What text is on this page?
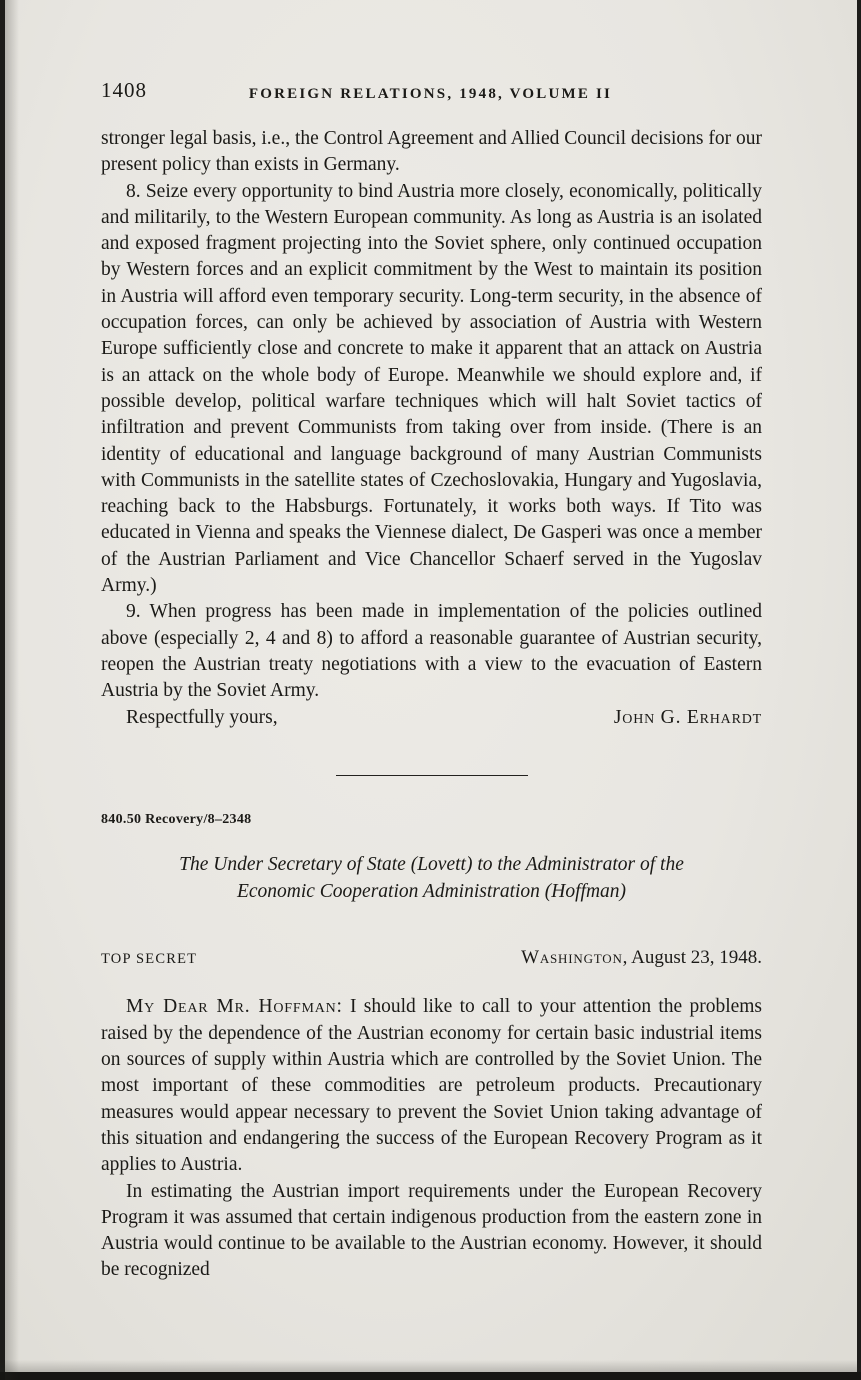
1408	FOREIGN RELATIONS, 1948, VOLUME II

stronger legal basis, i.e., the Control Agreement and Allied Council decisions for our present policy than exists in Germany.

8. Seize every opportunity to bind Austria more closely, economically, politically and militarily, to the Western European community. As long as Austria is an isolated and exposed fragment projecting into the Soviet sphere, only continued occupation by Western forces and an explicit commitment by the West to maintain its position in Austria will afford even temporary security. Long-term security, in the absence of occupation forces, can only be achieved by association of Austria with Western Europe sufficiently close and concrete to make it apparent that an attack on Austria is an attack on the whole body of Europe. Meanwhile we should explore and, if possible develop, political warfare techniques which will halt Soviet tactics of infiltration and prevent Communists from taking over from inside. (There is an identity of educational and language background of many Austrian Communists with Communists in the satellite states of Czechoslovakia, Hungary and Yugoslavia, reaching back to the Habsburgs. Fortunately, it works both ways. If Tito was educated in Vienna and speaks the Viennese dialect, De Gasperi was once a member of the Austrian Parliament and Vice Chancellor Schaerf served in the Yugoslav Army.)

9. When progress has been made in implementation of the policies outlined above (especially 2, 4 and 8) to afford a reasonable guarantee of Austrian security, reopen the Austrian treaty negotiations with a view to the evacuation of Eastern Austria by the Soviet Army.

Respectfully yours,	John G. Erhardt
840.50 Recovery/8–2348
The Under Secretary of State (Lovett) to the Administrator of the
Economic Cooperation Administration (Hoffman)
TOP SECRET	Washington, August 23, 1948.

My Dear Mr. Hoffman: I should like to call to your attention the problems raised by the dependence of the Austrian economy for certain basic industrial items on sources of supply within Austria which are controlled by the Soviet Union. The most important of these commodities are petroleum products. Precautionary measures would appear necessary to prevent the Soviet Union taking advantage of this situation and endangering the success of the European Recovery Program as it applies to Austria.

In estimating the Austrian import requirements under the European Recovery Program it was assumed that certain indigenous production from the eastern zone in Austria would continue to be available to the Austrian economy. However, it should be recognized
